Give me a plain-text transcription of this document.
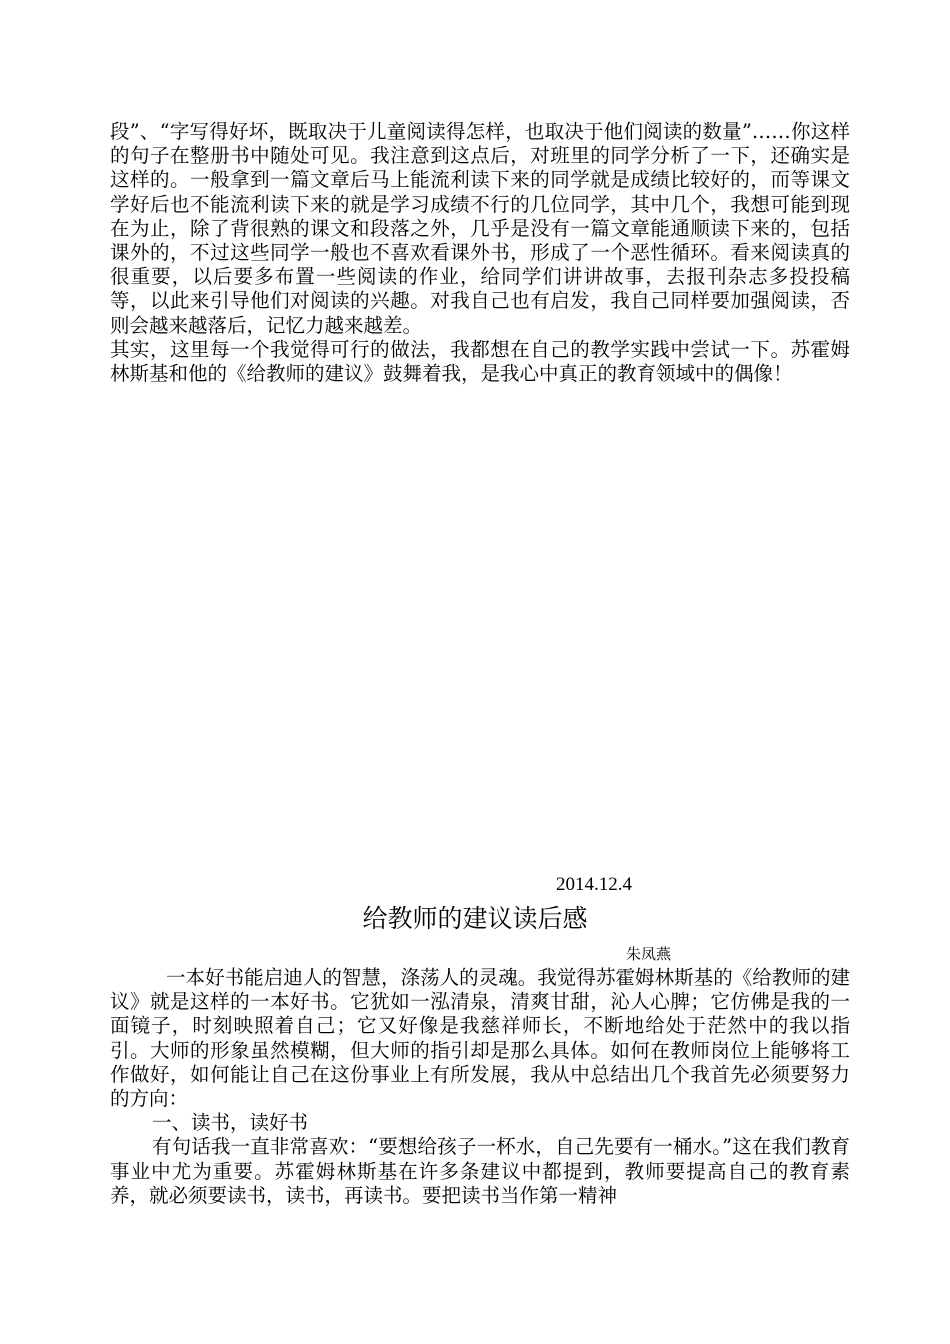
段”、“字写得好坏，既取决于儿童阅读得怎样，也取决于他们阅读的数量”……你这样的句子在整册书中随处可见。我注意到这点后，对班里的同学分析了一下，还确实是这样的。一般拿到一篇文章后马上能流利读下来的同学就是成绩比较好的，而等课文学好后也不能流利读下来的就是学习成绩不行的几位同学，其中几个，我想可能到现在为止，除了背很熟的课文和段落之外，几乎是没有一篇文章能通顺读下来的，包括课外的，不过这些同学一般也不喜欢看课外书，形成了一个恶性循环。看来阅读真的很重要，以后要多布置一些阅读的作业，给同学们讲讲故事，去报刊杂志多投投稿等，以此来引导他们对阅读的兴趣。对我自己也有启发，我自己同样要加强阅读，否则会越来越落后，记忆力越来越差。

其实，这里每一个我觉得可行的做法，我都想在自己的教学实践中尝试一下。苏霍姆林斯基和他的《给教师的建议》鼓舞着我，是我心中真正的教育领域中的偶像！

2014.12.4
给教师的建议读后感
朱凤燕

一本好书能启迪人的智慧，涤荡人的灵魂。我觉得苏霍姆林斯基的《给教师的建议》就是这样的一本好书。它犹如一泓清泉，清爽甘甜，沁人心脾；它仿佛是我的一面镜子，时刻映照着自己；它又好像是我慈祥师长，不断地给处于茫然中的我以指引。大师的形象虽然模糊，但大师的指引却是那么具体。如何在教师岗位上能够将工作做好，如何能让自己在这份事业上有所发展，我从中总结出几个我首先必须要努力的方向：

一、读书，读好书

有句话我一直非常喜欢：“要想给孩子一杯水，自己先要有一桶水。”这在我们教育事业中尤为重要。苏霍姆林斯基在许多条建议中都提到，教师要提高自己的教育素养，就必须要读书，读书，再读书。要把读书当作第一精神
